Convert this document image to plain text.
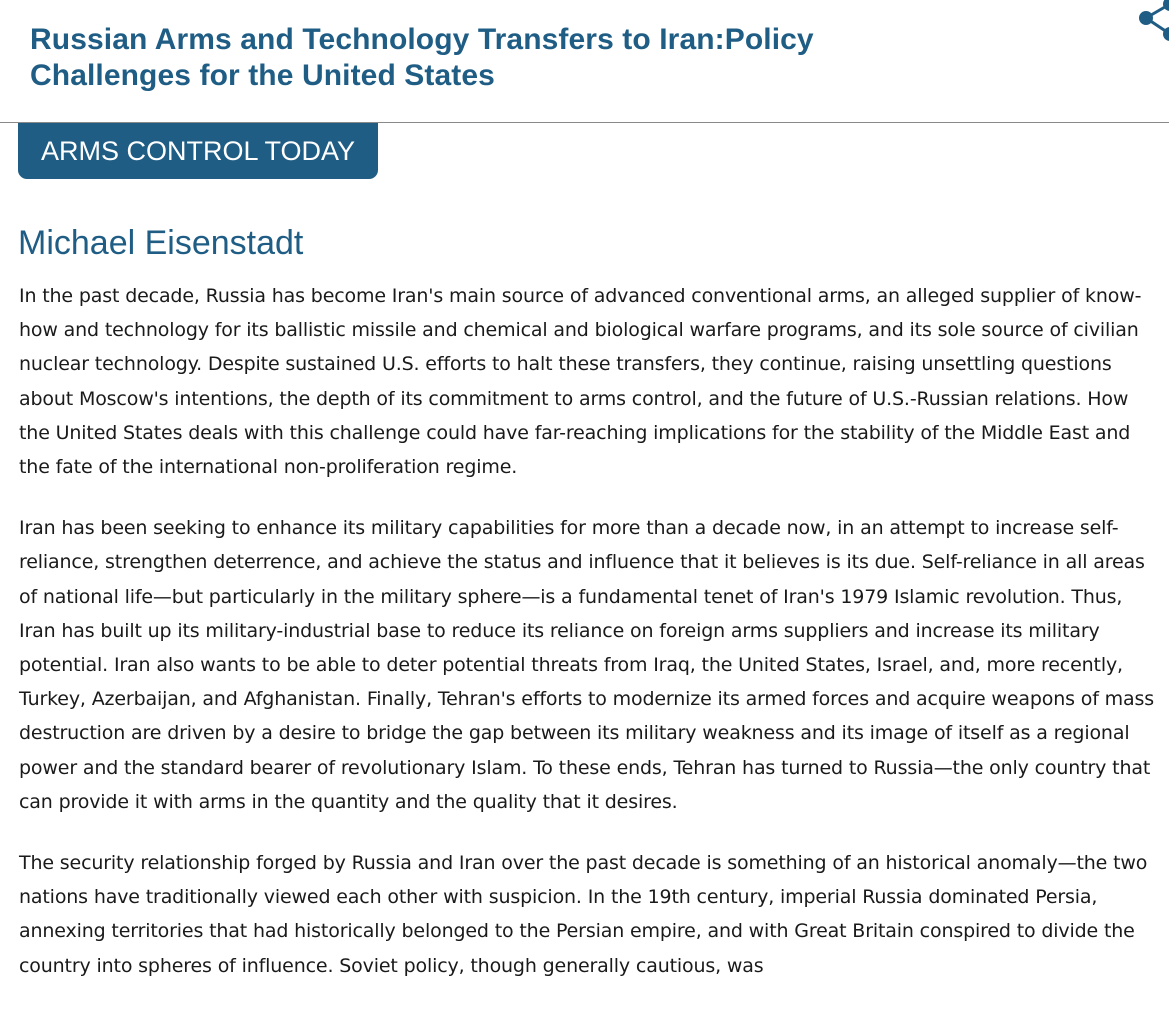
Russian Arms and Technology Transfers to Iran:Policy Challenges for the United States
ARMS CONTROL TODAY
Michael Eisenstadt

In the past decade, Russia has become Iran's main source of advanced conventional arms, an alleged supplier of know-how and technology for its ballistic missile and chemical and biological warfare programs, and its sole source of civilian nuclear technology. Despite sustained U.S. efforts to halt these transfers, they continue, raising unsettling questions about Moscow's intentions, the depth of its commitment to arms control, and the future of U.S.-Russian relations. How the United States deals with this challenge could have far-reaching implications for the stability of the Middle East and the fate of the international non-proliferation regime.

Iran has been seeking to enhance its military capabilities for more than a decade now, in an attempt to increase self-reliance, strengthen deterrence, and achieve the status and influence that it believes is its due. Self-reliance in all areas of national life—but particularly in the military sphere—is a fundamental tenet of Iran's 1979 Islamic revolution. Thus, Iran has built up its military-industrial base to reduce its reliance on foreign arms suppliers and increase its military potential. Iran also wants to be able to deter potential threats from Iraq, the United States, Israel, and, more recently, Turkey, Azerbaijan, and Afghanistan. Finally, Tehran's efforts to modernize its armed forces and acquire weapons of mass destruction are driven by a desire to bridge the gap between its military weakness and its image of itself as a regional power and the standard bearer of revolutionary Islam. To these ends, Tehran has turned to Russia—the only country that can provide it with arms in the quantity and the quality that it desires.

The security relationship forged by Russia and Iran over the past decade is something of an historical anomaly—the two nations have traditionally viewed each other with suspicion. In the 19th century, imperial Russia dominated Persia, annexing territories that had historically belonged to the Persian empire, and with Great Britain conspired to divide the country into spheres of influence. Soviet policy, though generally cautious, was
